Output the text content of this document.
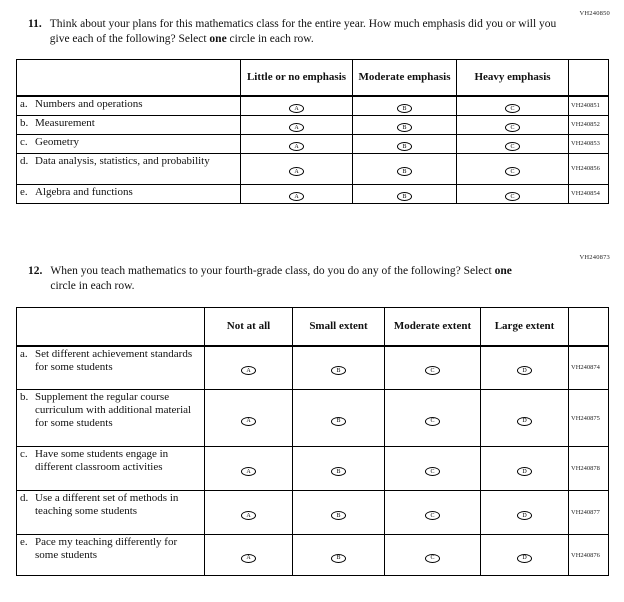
VH240850
11. Think about your plans for this mathematics class for the entire year. How much emphasis did you or will you give each of the following? Select one circle in each row.
	Little or no emphasis	Moderate emphasis	Heavy emphasis	

a. Numbers and operations	A	B	C	VH240851

b. Measurement	A	B	C	VH240852

c. Geometry	A	B	C	VH240853

d. Data analysis, statistics, and probability	A	B	C	VH240856

e. Algebra and functions	A	B	C	VH240854
VH240873
12. When you teach mathematics to your fourth-grade class, do you do any of the following? Select one circle in each row.
	Not at all	Small extent	Moderate extent	Large extent	

a. Set different achievement standards for some students	A	B	C	D	VH240874

b. Supplement the regular course curriculum with additional material for some students	A	B	C	D	VH240875

c. Have some students engage in different classroom activities	A	B	C	D	VH240878

d. Use a different set of methods in teaching some students	A	B	C	D	VH240877

e. Pace my teaching differently for some students	A	B	C	D	VH240876
